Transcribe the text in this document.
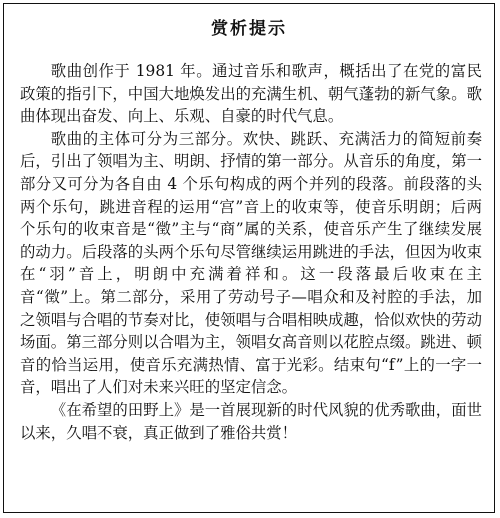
赏析提示

歌曲创作于 1981 年。通过音乐和歌声，概括出了在党的富民政策的指引下，中国大地焕发出的充满生机、朝气蓬勃的新气象。歌曲体现出奋发、向上、乐观、自豪的时代气息。

歌曲的主体可分为三部分。欢快、跳跃、充满活力的简短前奏后，引出了领唱为主、明朗、抒情的第一部分。从音乐的角度，第一部分又可分为各自由 4 个乐句构成的两个并列的段落。前段落的头两个乐句，跳进音程的运用“宫”音上的收束等，使音乐明朗；后两个乐句的收束音是“徵”主与“商”属的关系，使音乐产生了继续发展的动力。后段落的头两个乐句尽管继续运用跳进的手法，但因为收束在“羽”音上，明朗中充满着祥和。这一段落最后收束在主音“徵”上。第二部分，采用了劳动号子—唱众和及衬腔的手法，加之领唱与合唱的节奏对比，使领唱与合唱相映成趣，恰似欢快的劳动场面。第三部分则以合唱为主，领唱女高音则以花腔点缀。跳进、顿音的恰当运用，使音乐充满热情、富于光彩。结束句“f”上的一字一音，唱出了人们对未来兴旺的坚定信念。

《在希望的田野上》是一首展现新的时代风貌的优秀歌曲，面世以来，久唱不衰，真正做到了雅俗共赏！
